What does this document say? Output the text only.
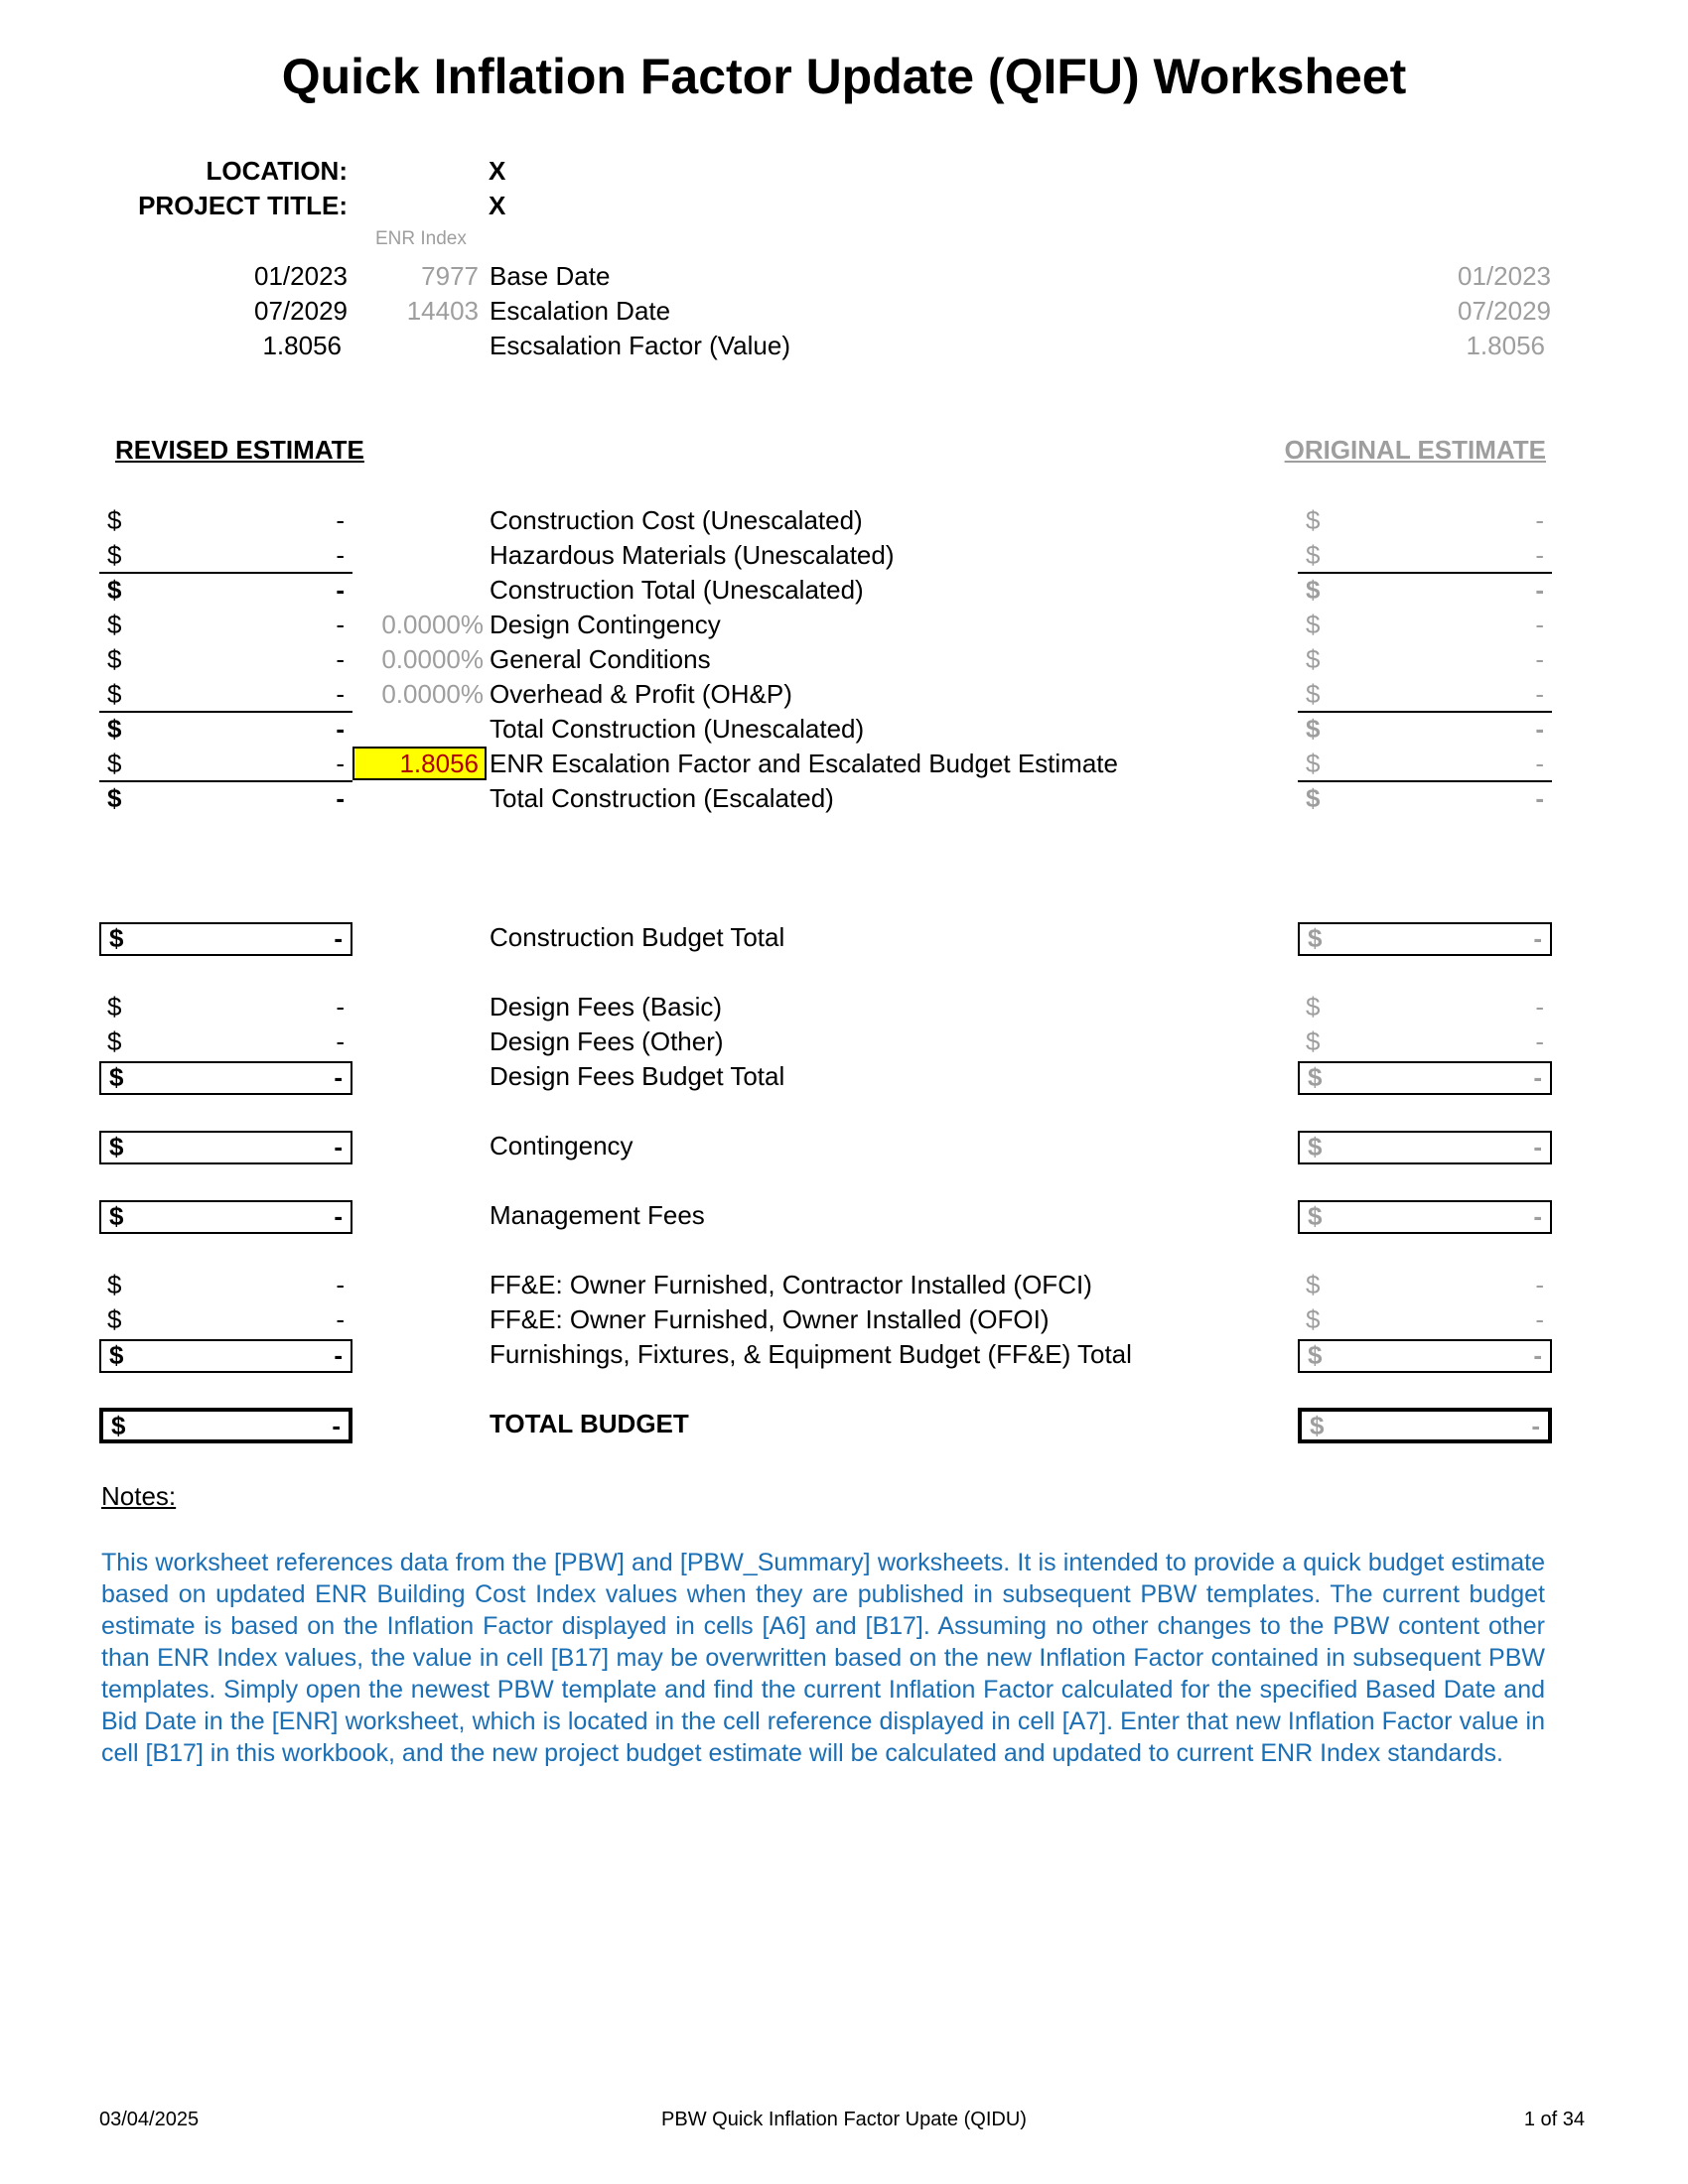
Quick Inflation Factor Update (QIFU) Worksheet
LOCATION:	X
PROJECT TITLE:	X
ENR Index
01/2023	7977 Base Date	01/2023
07/2029 14403 Escalation Date	07/2029
1.8056	Escsalation Factor (Value)	1.8056
REVISED ESTIMATE	ORIGINAL ESTIMATE
$	-	Construction Cost (Unescalated)	$	-
$	-	Hazardous Materials (Unescalated)	$	-
$	-	Construction Total (Unescalated)	$	-
$	- 0.0000% Design Contingency	$	-
$	- 0.0000% General Conditions	$	-
$	- 0.0000% Overhead & Profit (OH&P)	$	-
$	-	Total Construction (Unescalated)	$	-
$	-	1.8056 ENR Escalation Factor and Escalated Budget Estimate	$	-
$	-	Total Construction (Escalated)	$	-
$	-	Construction Budget Total	$	-
$	-	Design Fees (Basic)	$	-
$	-	Design Fees (Other)	$	-
$	-	Design Fees Budget Total	$	-
$	-	Contingency	$	-
$	-	Management Fees	$	-
$	-	FF&E: Owner Furnished, Contractor Installed (OFCI)	$	-
$	-	FF&E: Owner Furnished, Owner Installed (OFOI)	$	-
$	-	Furnishings, Fixtures, & Equipment Budget (FF&E) Total	$	-
$	-	TOTAL BUDGET	$	-
Notes:
This worksheet references data from the [PBW] and [PBW_Summary] worksheets. It is intended to provide a quick budget estimate based on updated ENR Building Cost Index values when they are published in subsequent PBW templates. The current budget estimate is based on the Inflation Factor displayed in cells [A6] and [B17]. Assuming no other changes to the PBW content other than ENR Index values, the value in cell [B17] may be overwritten based on the new Inflation Factor contained in subsequent PBW templates. Simply open the newest PBW template and find the current Inflation Factor calculated for the specified Based Date and Bid Date in the [ENR] worksheet, which is located in the cell reference displayed in cell [A7]. Enter that new Inflation Factor value in cell [B17] in this workbook, and the new project budget estimate will be calculated and updated to current ENR Index standards.
03/04/2025	PBW Quick Inflation Factor Upate (QIDU)	1 of 34
